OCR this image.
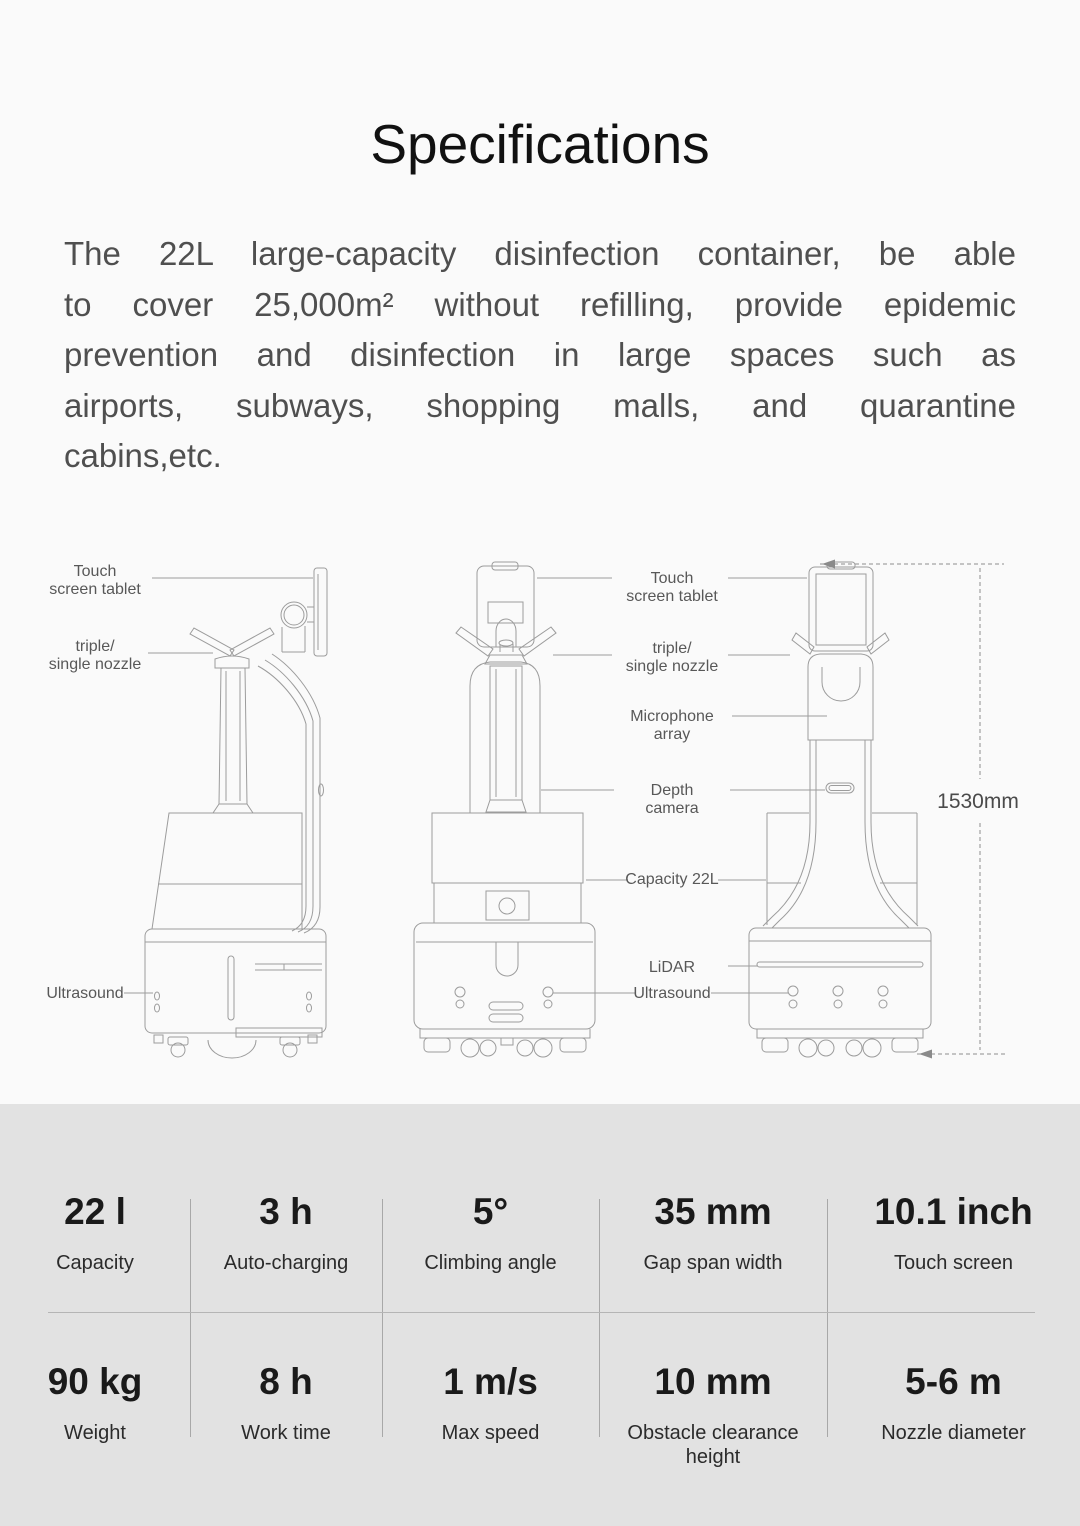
Specifications
The 22L large-capacity disinfection container, be able
to cover 25,000m² without refilling, provide epidemic
prevention and disinfection in large spaces such as
airports, subways, shopping malls, and quarantine
cabins,etc.
Touch
screen tablet
triple/
single nozzle
Ultrasound
Touch
screen tablet
triple/
single nozzle
Microphone
array
Depth
camera
Capacity 22L
LiDAR
Ultrasound
1530mm
22 l
Capacity
3 h
Auto-charging
5°
Climbing angle
35 mm
Gap span width
10.1 inch
Touch screen
90 kg
Weight
8 h
Work time
1 m/s
Max speed
10 mm
Obstacle clearance height
5-6 m
Nozzle diameter
